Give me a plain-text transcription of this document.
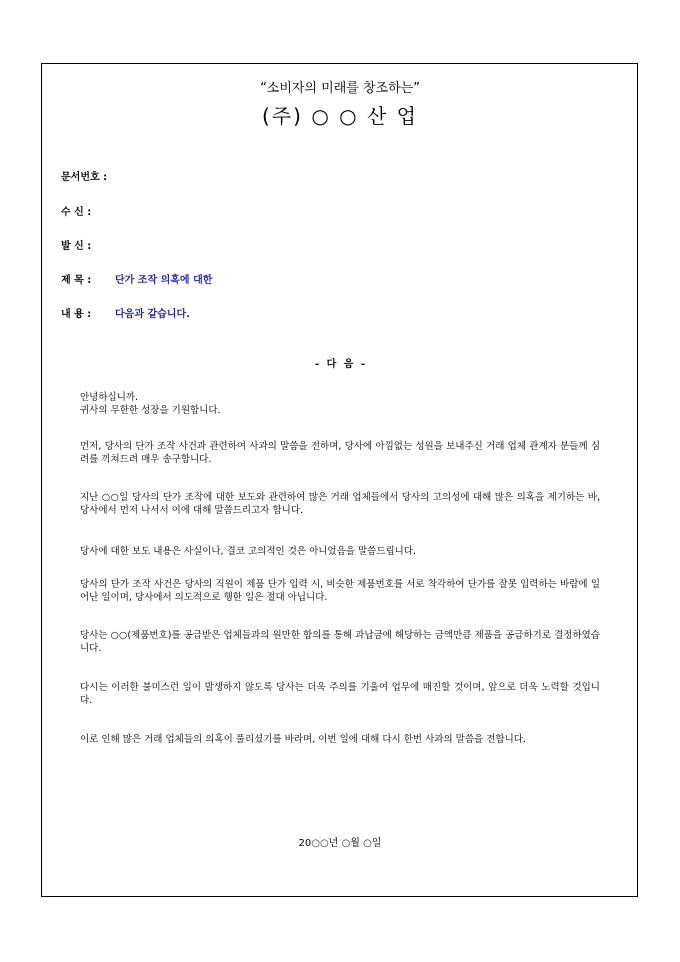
“소비자의 미래를 창조하는”
(주) ○ ○ 산 업
문서번호 :
수 신 :
발 신 :
제 목 : 단가 조작 의혹에 대한
내 용 : 다음과 같습니다.
- 다 음 -
안녕하십니까.
귀사의 무한한 성장을 기원합니다.
먼저, 당사의 단가 조작 사건과 관련하여 사과의 말씀을 전하며, 당사에 아낌없는 성원을 보내주신 거래 업체 관계자 분들께 심려를 끼쳐드려 매우 송구합니다.
지난 ○○일 당사의 단가 조작에 대한 보도와 관련하여 많은 거래 업체들에서 당사의 고의성에 대해 많은 의혹을 제기하는 바, 당사에서 먼저 나서서 이에 대해 말씀드리고자 합니다.
당사에 대한 보도 내용은 사실이나, 결코 고의적인 것은 아니었음을 말씀드립니다.
당사의 단가 조작 사건은 당사의 직원이 제품 단가 입력 시, 비슷한 제품번호를 서로 착각하여 단가를 잘못 입력하는 바람에 일어난 일이며, 당사에서 의도적으로 행한 일은 절대 아닙니다.
당사는 ○○(제품번호)를 공급받은 업체들과의 원만한 합의를 통해 과납금에 해당하는 금액만큼 제품을 공급하기로 결정하였습니다.
다시는 이러한 불미스런 일이 발생하지 않도록 당사는 더욱 주의를 기울여 업무에 매진할 것이며, 앞으로 더욱 노력할 것입니다.
이로 인해 많은 거래 업체들의 의혹이 풀리셨기를 바라며, 이번 일에 대해 다시 한번 사과의 말씀을 전합니다.
20○○년 ○월 ○일
